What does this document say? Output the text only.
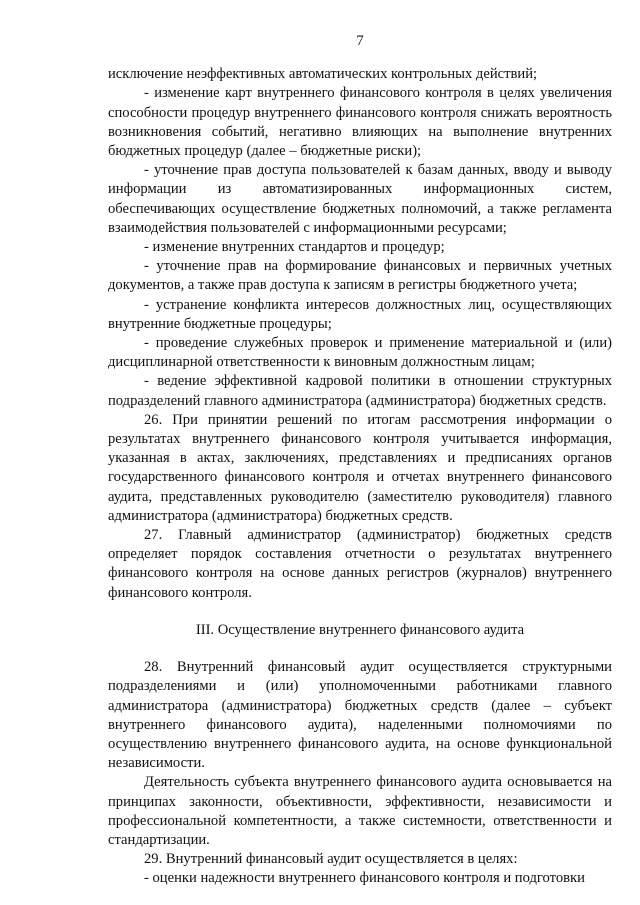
7

исключение неэффективных автоматических контрольных действий;

- изменение карт внутреннего финансового контроля в целях увеличения способности процедур внутреннего финансового контроля снижать вероятность возникновения событий, негативно влияющих на выполнение внутренних бюджетных процедур (далее – бюджетные риски);

- уточнение прав доступа пользователей к базам данных, вводу и выводу информации из автоматизированных информационных систем, обеспечивающих осуществление бюджетных полномочий, а также регламента взаимодействия пользователей с информационными ресурсами;

- изменение внутренних стандартов и процедур;

- уточнение прав на формирование финансовых и первичных учетных документов, а также прав доступа к записям в регистры бюджетного учета;

- устранение конфликта интересов должностных лиц, осуществляющих внутренние бюджетные процедуры;

- проведение служебных проверок и применение материальной и (или) дисциплинарной ответственности к виновным должностным лицам;

- ведение эффективной кадровой политики в отношении структурных подразделений главного администратора (администратора) бюджетных средств.

26. При принятии решений по итогам рассмотрения информации о результатах внутреннего финансового контроля учитывается информация, указанная в актах, заключениях, представлениях и предписаниях органов государственного финансового контроля и отчетах внутреннего финансового аудита, представленных руководителю (заместителю руководителя) главного администратора (администратора) бюджетных средств.

27. Главный администратор (администратор) бюджетных средств определяет порядок составления отчетности о результатах внутреннего финансового контроля на основе данных регистров (журналов) внутреннего финансового контроля.

III. Осуществление внутреннего финансового аудита

28. Внутренний финансовый аудит осуществляется структурными подразделениями и (или) уполномоченными работниками главного администратора (администратора) бюджетных средств (далее – субъект внутреннего финансового аудита), наделенными полномочиями по осуществлению внутреннего финансового аудита, на основе функциональной независимости.

Деятельность субъекта внутреннего финансового аудита основывается на принципах законности, объективности, эффективности, независимости и профессиональной компетентности, а также системности, ответственности и стандартизации.

29. Внутренний финансовый аудит осуществляется в целях:

- оценки надежности внутреннего финансового контроля и подготовки
